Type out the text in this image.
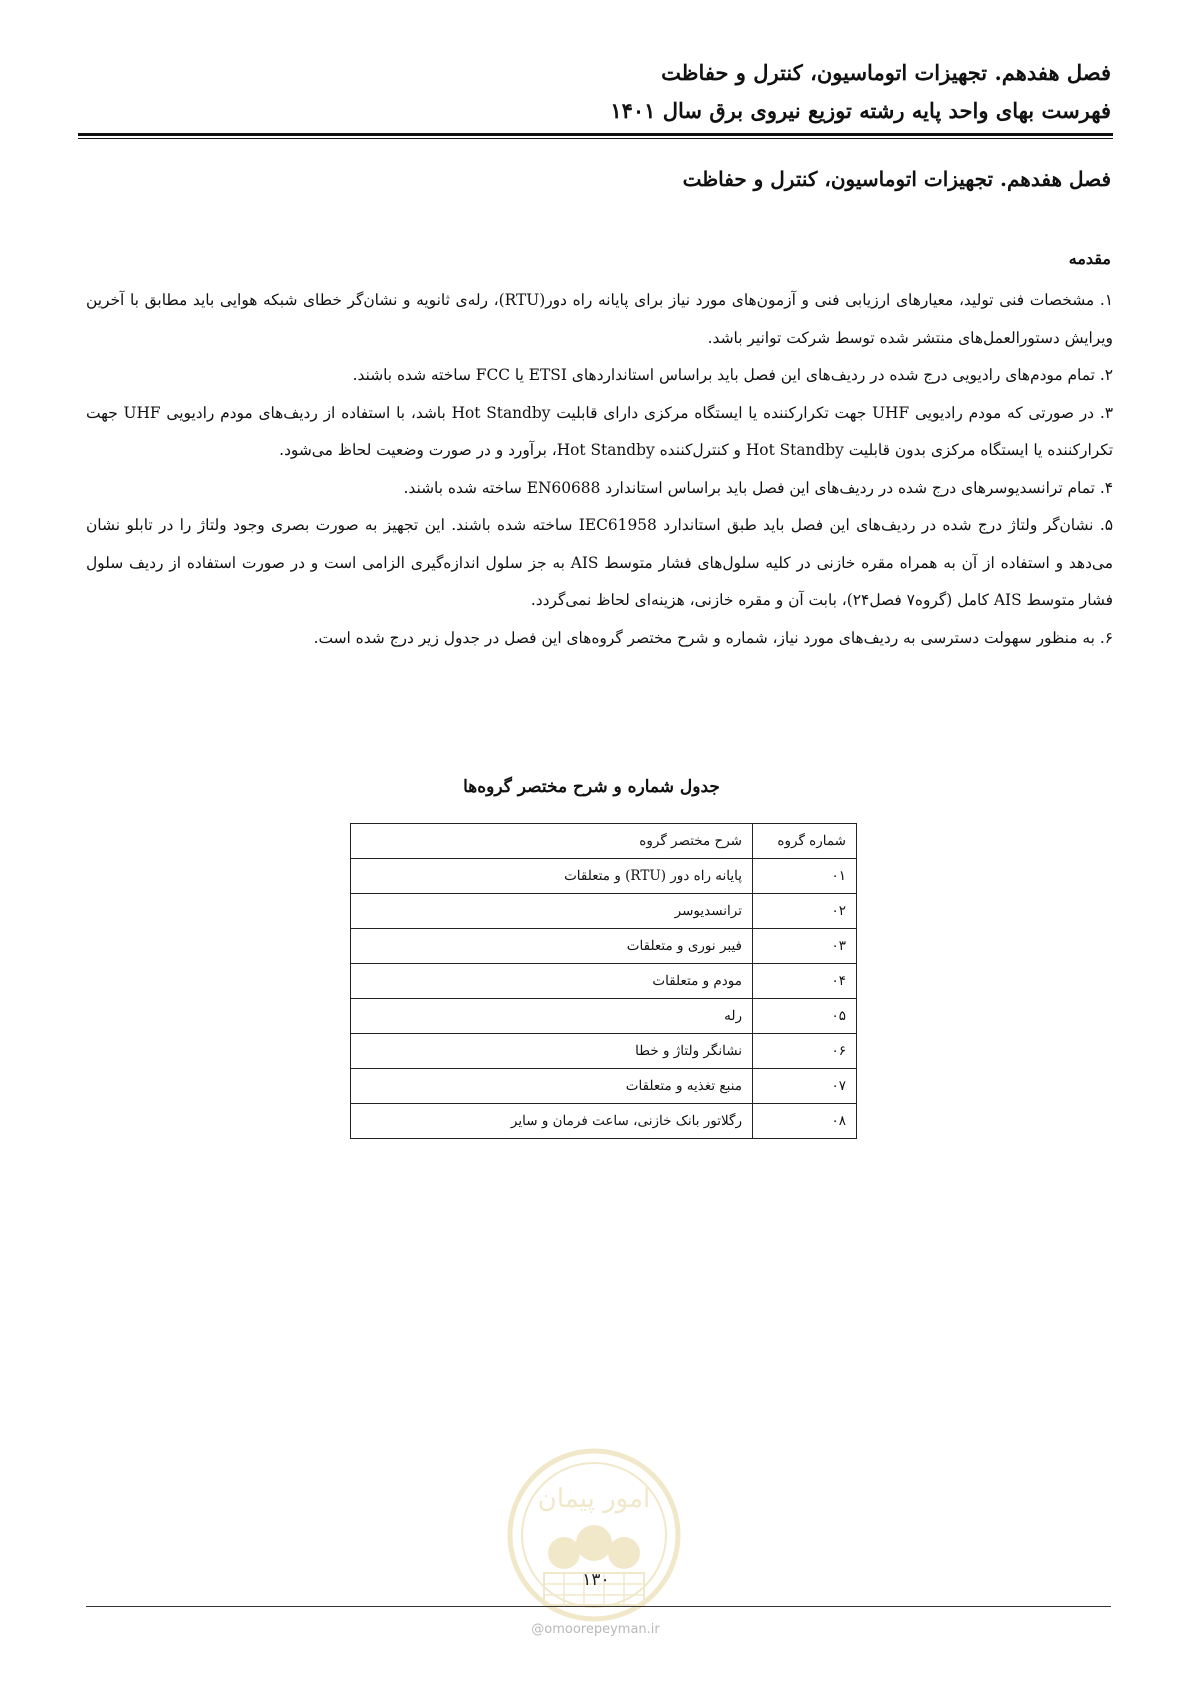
فصل هفدهم. تجهیزات اتوماسیون، کنترل و حفاظت
فهرست بهای واحد پایه رشته توزیع نیروی برق سال ۱۴۰۱
فصل هفدهم. تجهیزات اتوماسیون، کنترل و حفاظت
مقدمه

۱. مشخصات فنی تولید، معیارهای ارزیابی فنی و آزمون‌های مورد نیاز برای پایانه راه دور(RTU)، رله‌ی ثانویه و نشان‌گر خطای شبکه هوایی باید مطابق با آخرین ویرایش دستورالعمل‌های منتشر شده توسط شرکت توانیر باشد.

۲. تمام مودم‌های رادیویی درج شده در ردیف‌های این فصل باید براساس استانداردهای ETSI یا FCC ساخته شده باشند.

۳. در صورتی که مودم رادیویی UHF جهت تکرارکننده یا ایستگاه مرکزی دارای قابلیت Hot Standby باشد، با استفاده از ردیف‌های مودم رادیویی UHF جهت تکرارکننده یا ایستگاه مرکزی بدون قابلیت Hot Standby و کنترل‌کننده Hot Standby، برآورد و در صورت وضعیت لحاظ می‌شود.

۴. تمام ترانسدیوسرهای درج شده در ردیف‌های این فصل باید براساس استاندارد EN60688 ساخته شده باشند.

۵. نشان‌گر ولتاژ درج شده در ردیف‌های این فصل باید طبق استاندارد IEC61958 ساخته شده باشند. این تجهیز به صورت بصری وجود ولتاژ را در تابلو نشان می‌دهد و استفاده از آن به همراه مقره خازنی در کلیه سلول‌های فشار متوسط AIS به جز سلول اندازه‌گیری الزامی است و در صورت استفاده از ردیف سلول فشار متوسط AIS کامل (گروه۷ فصل۲۴)، بابت آن و مقره خازنی، هزینه‌ای لحاظ نمی‌گردد.

۶. به منظور سهولت دسترسی به ردیف‌های مورد نیاز، شماره و شرح مختصر گروه‌های این فصل در جدول زیر درج شده است.

جدول شماره و شرح مختصر گروه‌ها
شماره گروه	شرح مختصر گروه
۰۱	پایانه راه دور (RTU) و متعلقات
۰۲	ترانسدیوسر
۰۳	فیبر نوری و متعلقات
۰۴	مودم و متعلقات
۰۵	رله
۰۶	نشانگر ولتاژ و خطا
۰۷	منبع تغذیه و متعلقات
۰۸	رگلاتور بانک خازنی، ساعت فرمان و سایر
امور پیمان
۱۳۰
@omoorepeyman.ir
